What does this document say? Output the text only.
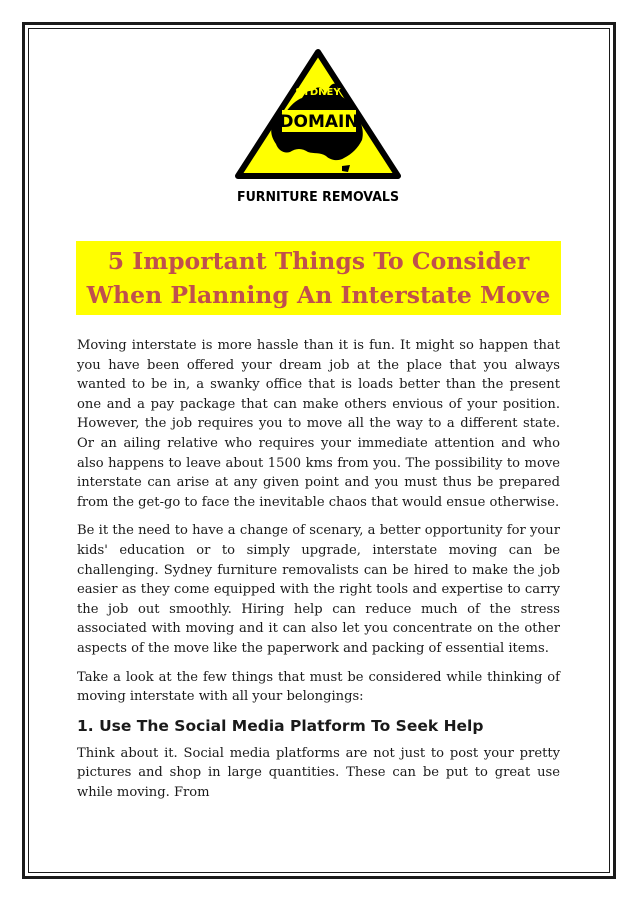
SYDNEY
DOMAIN
FURNITURE REMOVALS
5 Important Things To Consider
When Planning An Interstate Move

Moving interstate is more hassle than it is fun. It might so happen that you have been offered your dream job at the place that you always wanted to be in, a swanky office that is loads better than the present one and a pay package that can make others envious of your position. However, the job requires you to move all the way to a different state. Or an ailing relative who requires your immediate attention and who also happens to leave about 1500 kms from you. The possibility to move interstate can arise at any given point and you must thus be prepared from the get-go to face the inevitable chaos that would ensue otherwise.

Be it the need to have a change of scenary, a better opportunity for your kids' education or to simply upgrade, interstate moving can be challenging. Sydney furniture removalists can be hired to make the job easier as they come equipped with the right tools and expertise to carry the job out smoothly. Hiring help can reduce much of the stress associated with moving and it can also let you concentrate on the other aspects of the move like the paperwork and packing of essential items.

Take a look at the few things that must be considered while thinking of moving interstate with all your belongings:

1. Use The Social Media Platform To Seek Help

Think about it. Social media platforms are not just to post your pretty pictures and shop in large quantities. These can be put to great use while moving. From
